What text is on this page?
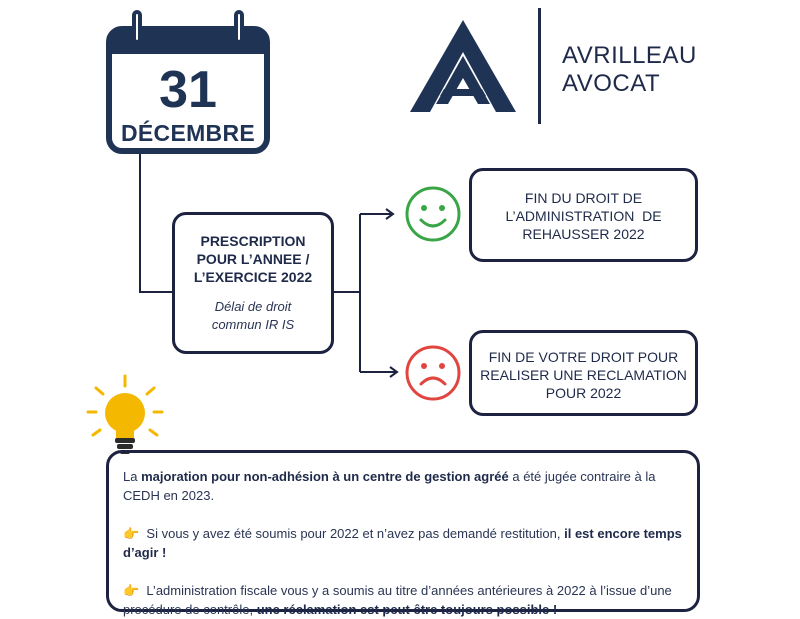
31
DÉCEMBRE
AVRILLEAU
AVOCAT
PRESCRIPTION
POUR L’ANNEE /
L’EXERCICE 2022
Délai de droit
commun IR IS
FIN DU DROIT DE
L’ADMINISTRATION  DE
REHAUSSER 2022
FIN DE VOTRE DROIT POUR
REALISER UNE RECLAMATION
POUR 2022

La majoration pour non-adhésion à un centre de gestion agréé a été jugée contraire à la CEDH en 2023.

👉 Si vous y avez été soumis pour 2022 et n’avez pas demandé restitution, il est encore temps d’agir !

👉 L’administration fiscale vous y a soumis au titre d’années antérieures à 2022 à l’issue d’une procédure de contrôle, une réclamation est peut être toujours possible !
